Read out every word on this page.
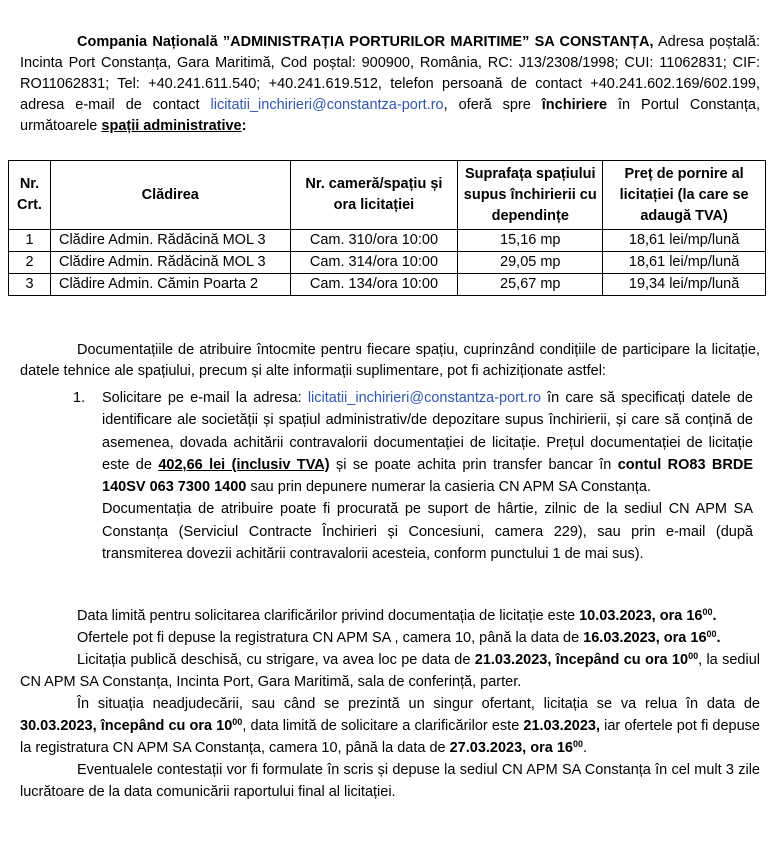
Compania Națională ”ADMINISTRAȚIA PORTURILOR MARITIME” SA CONSTANȚA, Adresa poștală: Incinta Port Constanța, Gara Maritimă, Cod poștal: 900900, România, RC: J13/2308/1998; CUI: 11062831; CIF: RO11062831; Tel: +40.241.611.540; +40.241.619.512, telefon persoană de contact +40.241.602.169/602.199, adresa e-mail de contact licitatii_inchirieri@constantza-port.ro, oferă spre închiriere în Portul Constanța, următoarele spații administrative:

Nr. Crt.	Clădirea	Nr. cameră/spațiu și ora licitației	Suprafața spațiului supus închirierii cu dependințe	Preț de pornire al licitației (la care se adaugă TVA)
1	Clădire Admin. Rădăcină MOL 3	Cam. 310/ora 10:00	15,16 mp	18,61 lei/mp/lună
2	Clădire Admin. Rădăcină MOL 3	Cam. 314/ora 10:00	29,05 mp	18,61 lei/mp/lună
3	Clădire Admin. Cămin Poarta 2	Cam. 134/ora 10:00	25,67 mp	19,34 lei/mp/lună

Documentațiile de atribuire întocmite pentru fiecare spațiu, cuprinzând condițiile de participare la licitație, datele tehnice ale spațiului, precum și alte informații suplimentare, pot fi achiziționate astfel:

1.	Solicitare pe e-mail la adresa: licitatii_inchirieri@constantza-port.ro în care să specificați datele de identificare ale societății și spațiul administrativ/de depozitare supus închirierii, și care să conțină de asemenea, dovada achitării contravalorii documentației de licitație. Prețul documentației de licitație este de 402,66 lei (inclusiv TVA) și se poate achita prin transfer bancar în contul RO83 BRDE 140SV 063 7300 1400 sau prin depunere numerar la casieria CN APM SA Constanța.

Documentația de atribuire poate fi procurată pe suport de hârtie, zilnic de la sediul CN APM SA Constanța (Serviciul Contracte Închirieri și Concesiuni, camera 229), sau prin e-mail (după transmiterea dovezii achitării contravalorii acesteia, conform punctului 1 de mai sus).

Data limită pentru solicitarea clarificărilor privind documentația de licitație este 10.03.2023, ora $16^{00}$.

Ofertele pot fi depuse la registratura CN APM SA , camera 10, până la data de 16.03.2023, ora $16^{00}$.

Licitația publică deschisă, cu strigare, va avea loc pe data de 21.03.2023, începând cu ora $10^{00}$, la sediul CN APM SA Constanța, Incinta Port, Gara Maritimă, sala de conferință, parter.

În situația neadjudecării, sau când se prezintă un singur ofertant, licitația se va relua în data de 30.03.2023, începând cu ora $10^{00}$, data limită de solicitare a clarificărilor este 21.03.2023, iar ofertele pot fi depuse la registratura CN APM SA Constanța, camera 10, până la data de 27.03.2023, ora $16^{00}$.

Eventualele contestații vor fi formulate în scris și depuse la sediul CN APM SA Constanța în cel mult 3 zile lucrătoare de la data comunicării raportului final al licitației.
